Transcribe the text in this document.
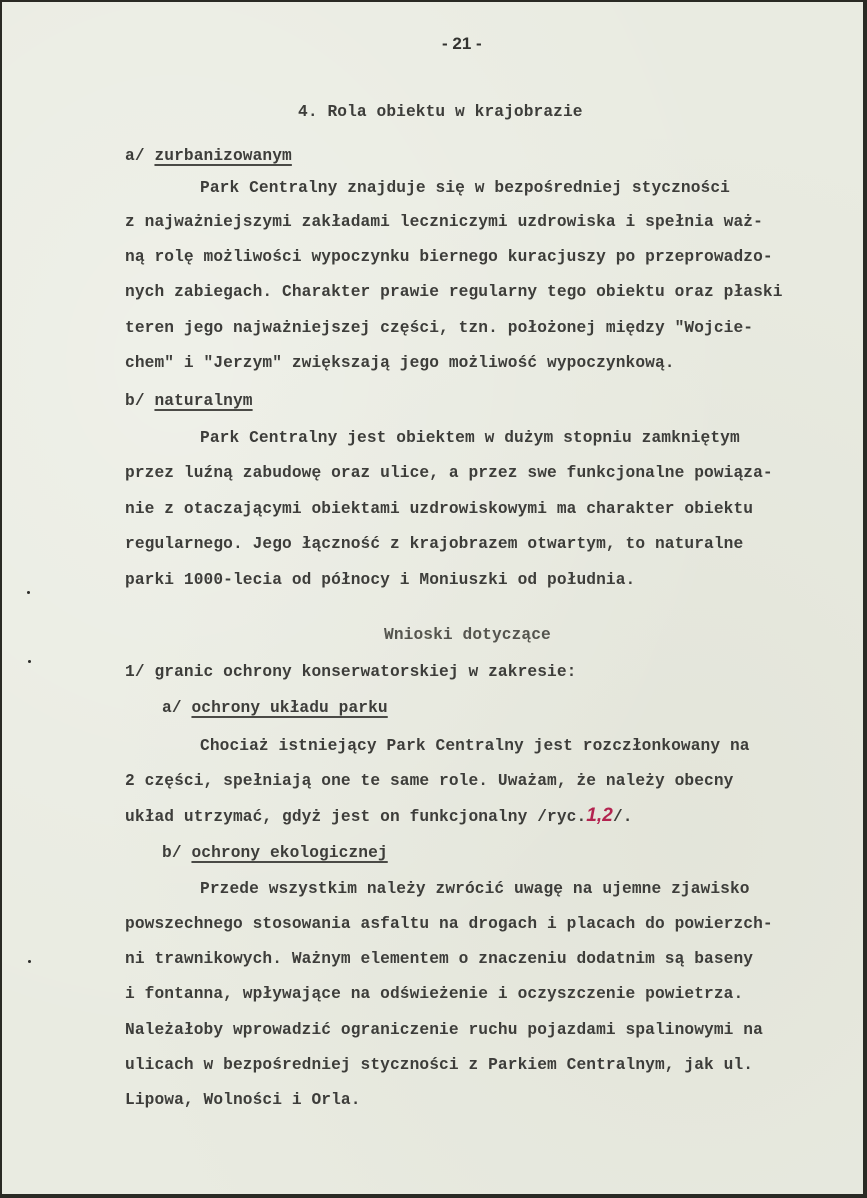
- 21 -
4. Rola obiektu w krajobrazie
a/ zurbanizowanym
Park Centralny znajduje się w bezpośredniej styczności
z najważniejszymi zakładami leczniczymi uzdrowiska i spełnia waż-
ną rolę możliwości wypoczynku biernego kuracjuszy po przeprowadzo-
nych zabiegach. Charakter prawie regularny tego obiektu oraz płaski
teren jego najważniejszej części, tzn. położonej między "Wojcie-
chem" i "Jerzym" zwiększają jego możliwość wypoczynkową.
b/ naturalnym
Park Centralny jest obiektem w dużym stopniu zamkniętym
przez luźną zabudowę oraz ulice, a przez swe funkcjonalne powiąza-
nie z otaczającymi obiektami uzdrowiskowymi ma charakter obiektu
regularnego. Jego łączność z krajobrazem otwartym, to naturalne
parki 1000-lecia od północy i Moniuszki od południa.
Wnioski dotyczące
1/ granic ochrony konserwatorskiej w zakresie:
a/ ochrony układu parku
Chociaż istniejący Park Centralny jest rozczłonkowany na
2 części, spełniają one te same role. Uważam, że należy obecny
układ utrzymać, gdyż jest on funkcjonalny /ryc.1,2/.
b/ ochrony ekologicznej
Przede wszystkim należy zwrócić uwagę na ujemne zjawisko
powszechnego stosowania asfaltu na drogach i placach do powierzch-
ni trawnikowych. Ważnym elementem o znaczeniu dodatnim są baseny
i fontanna, wpływające na odświeżenie i oczyszczenie powietrza.
Należałoby wprowadzić ograniczenie ruchu pojazdami spalinowymi na
ulicach w bezpośredniej styczności z Parkiem Centralnym, jak ul.
Lipowa, Wolności i Orla.
